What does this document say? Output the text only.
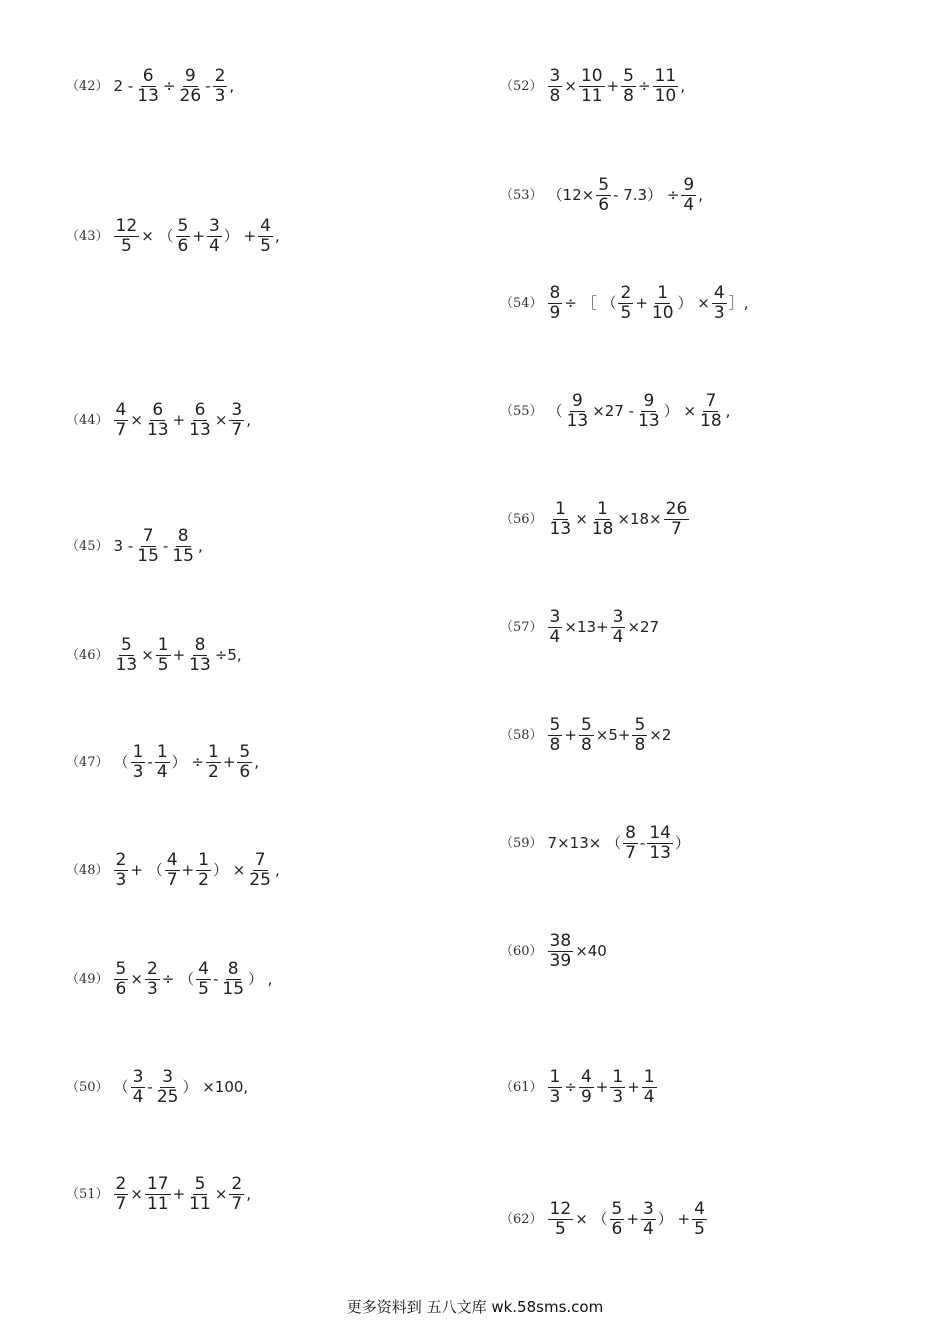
（42） $2 - \frac{6}{13} \div \frac{9}{26} - \frac{2}{3}$ ,
$(43) \frac{12}{5}$ × （ $\frac{5}{6} + \frac{3}{4}$ ） + $\frac{4}{5}$ ,
$(44) \frac{4}{7} \times \frac{6}{13} + \frac{6}{13} \times \frac{3}{7}$ ,
（45） $3 - \frac{7}{15} - \frac{8}{15}$ ,
$(46) \frac{5}{13} \times \frac{1}{5} + \frac{8}{13} \div 5$,
（47） （ $\frac{1}{3} - \frac{1}{4}$ ） ÷ $\frac{1}{2} + \frac{5}{6}$ ,
$(48) \frac{2}{3}$ + （ $\frac{4}{7} + \frac{1}{2}$ ） × $\frac{7}{25}$ ,
$(49) \frac{5}{6} \times \frac{2}{3}$ ÷ （ $\frac{4}{5} - \frac{8}{15}$ ） ,
（50） （ $\frac{3}{4} - \frac{3}{25}$ ） ×100,
$(51) \frac{2}{7} \times \frac{17}{11} + \frac{5}{11} \times \frac{2}{7}$ ,
$(52) \frac{3}{8} \times \frac{10}{11} + \frac{5}{8} \div \frac{11}{10}$ ,
（53） $(12\times \frac{5}{6} - 7.3) \div \frac{9}{4}$ ,
$(54) \frac{8}{9}$ ÷ ［ （ $\frac{2}{5} + \frac{1}{10}$ ） × $\frac{4}{3}$ ］,
（55） （ $\frac{9}{13} \times 27 - \frac{9}{13}$ ） × $\frac{7}{18}$ ,
$(56) \frac{1}{13} \times \frac{1}{18} \times 18\times \frac{26}{7}$
$(57) \frac{3}{4} \times 13+ \frac{3}{4} \times 27$
$(58) \frac{5}{8} + \frac{5}{8} \times 5+ \frac{5}{8} \times 2$
（59） 7×13× （ $\frac{8}{7} - \frac{14}{13}$ ）
$(60) \frac{38}{39} \times 40$
$(61) \frac{1}{3} \div \frac{4}{9} + \frac{1}{3} + \frac{1}{4}$
$(62) \frac{12}{5}$ × （ $\frac{5}{6} + \frac{3}{4}$ ） + $\frac{4}{5}$
更多资料到 五八文库 wk.58sms.com
